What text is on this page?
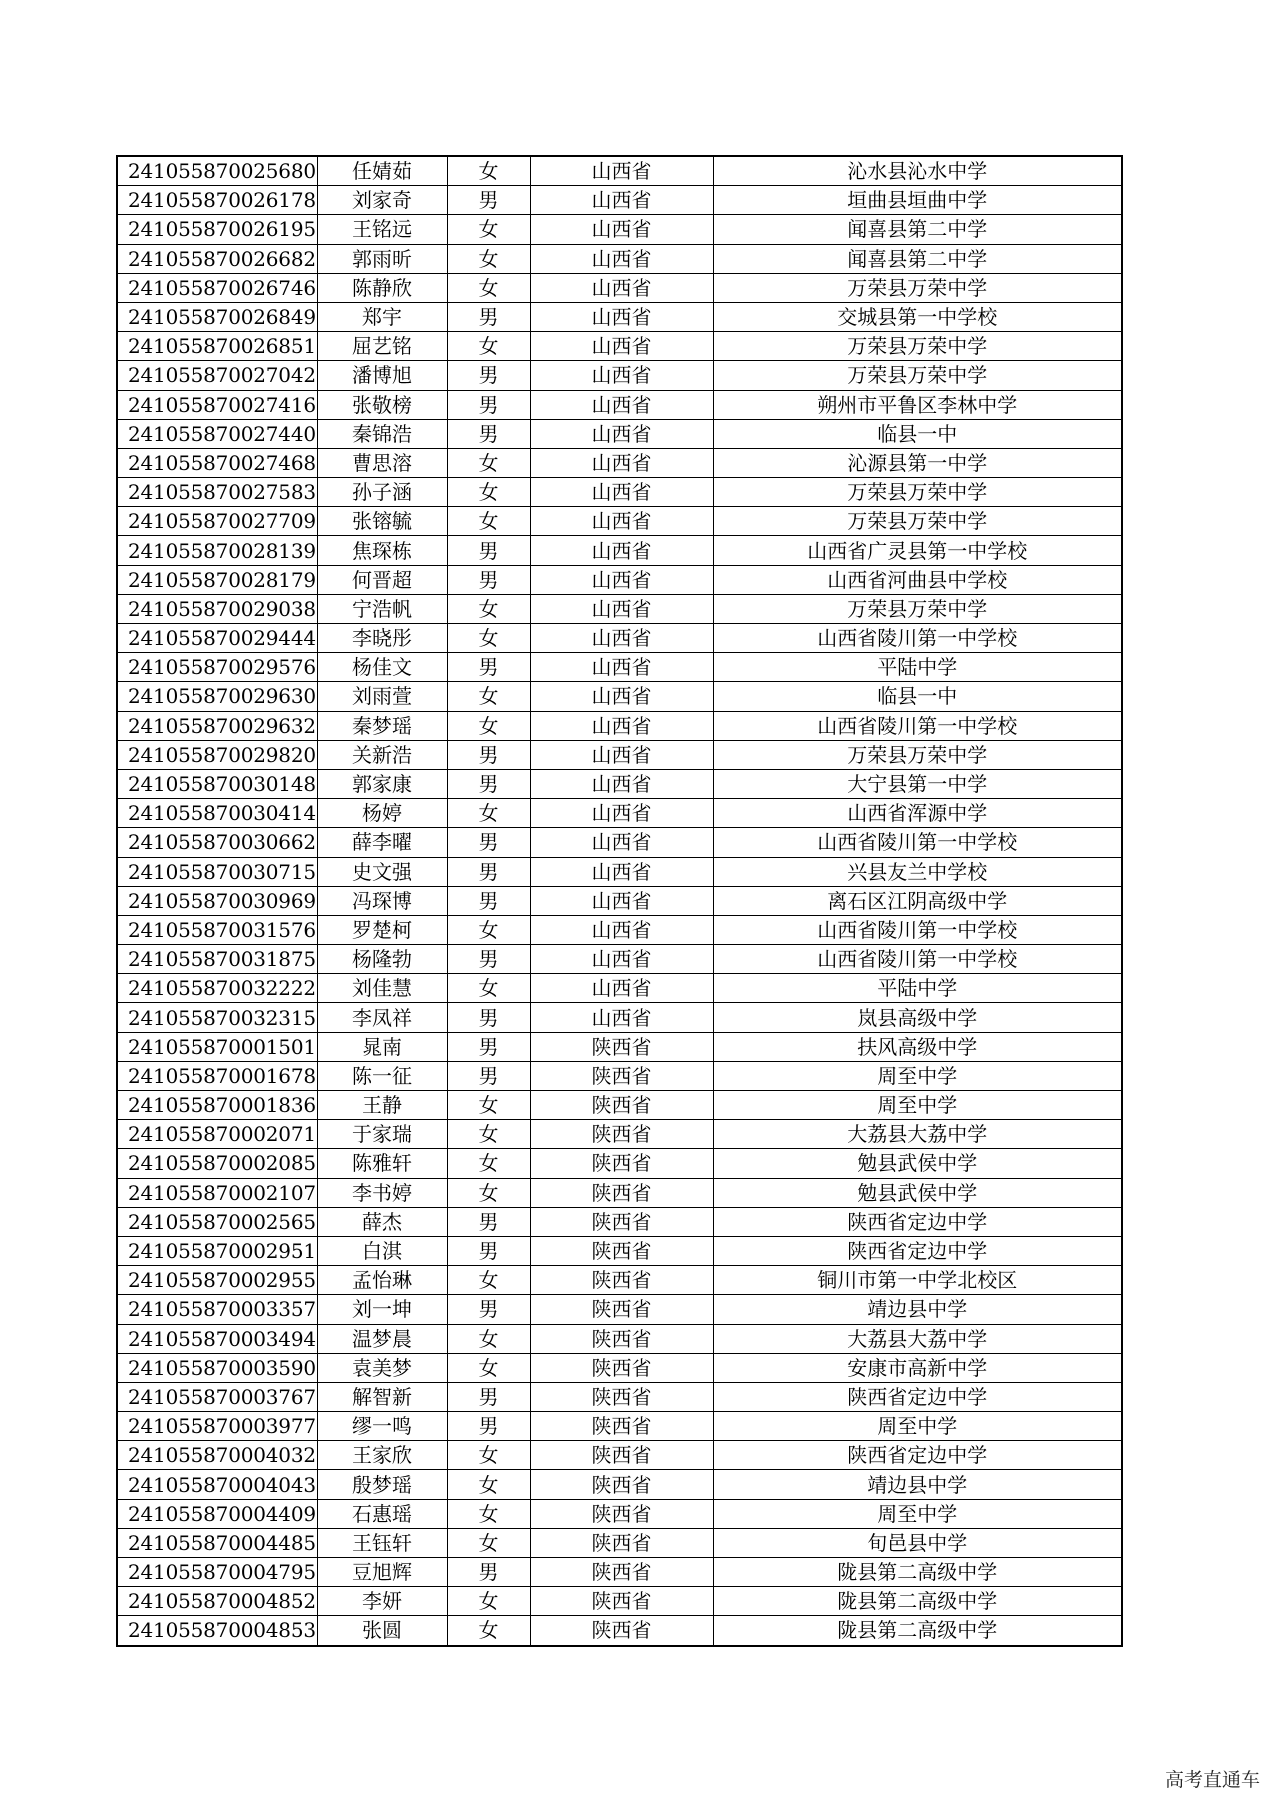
241055870025680	任婧茹	女	山西省	沁水县沁水中学
241055870026178	刘家奇	男	山西省	垣曲县垣曲中学
241055870026195	王铭远	女	山西省	闻喜县第二中学
241055870026682	郭雨昕	女	山西省	闻喜县第二中学
241055870026746	陈静欣	女	山西省	万荣县万荣中学
241055870026849	郑宇	男	山西省	交城县第一中学校
241055870026851	屈艺铭	女	山西省	万荣县万荣中学
241055870027042	潘博旭	男	山西省	万荣县万荣中学
241055870027416	张敬榜	男	山西省	朔州市平鲁区李林中学
241055870027440	秦锦浩	男	山西省	临县一中
241055870027468	曹思溶	女	山西省	沁源县第一中学
241055870027583	孙子涵	女	山西省	万荣县万荣中学
241055870027709	张镕毓	女	山西省	万荣县万荣中学
241055870028139	焦琛栋	男	山西省	山西省广灵县第一中学校
241055870028179	何晋超	男	山西省	山西省河曲县中学校
241055870029038	宁浩帆	女	山西省	万荣县万荣中学
241055870029444	李晓彤	女	山西省	山西省陵川第一中学校
241055870029576	杨佳文	男	山西省	平陆中学
241055870029630	刘雨萱	女	山西省	临县一中
241055870029632	秦梦瑶	女	山西省	山西省陵川第一中学校
241055870029820	关新浩	男	山西省	万荣县万荣中学
241055870030148	郭家康	男	山西省	大宁县第一中学
241055870030414	杨婷	女	山西省	山西省浑源中学
241055870030662	薛李曜	男	山西省	山西省陵川第一中学校
241055870030715	史文强	男	山西省	兴县友兰中学校
241055870030969	冯琛博	男	山西省	离石区江阴高级中学
241055870031576	罗楚柯	女	山西省	山西省陵川第一中学校
241055870031875	杨隆勃	男	山西省	山西省陵川第一中学校
241055870032222	刘佳慧	女	山西省	平陆中学
241055870032315	李凤祥	男	山西省	岚县高级中学
241055870001501	晁南	男	陕西省	扶风高级中学
241055870001678	陈一征	男	陕西省	周至中学
241055870001836	王静	女	陕西省	周至中学
241055870002071	于家瑞	女	陕西省	大荔县大荔中学
241055870002085	陈雅轩	女	陕西省	勉县武侯中学
241055870002107	李书婷	女	陕西省	勉县武侯中学
241055870002565	薛杰	男	陕西省	陕西省定边中学
241055870002951	白淇	男	陕西省	陕西省定边中学
241055870002955	孟怡琳	女	陕西省	铜川市第一中学北校区
241055870003357	刘一坤	男	陕西省	靖边县中学
241055870003494	温梦晨	女	陕西省	大荔县大荔中学
241055870003590	袁美梦	女	陕西省	安康市高新中学
241055870003767	解智新	男	陕西省	陕西省定边中学
241055870003977	缪一鸣	男	陕西省	周至中学
241055870004032	王家欣	女	陕西省	陕西省定边中学
241055870004043	殷梦瑶	女	陕西省	靖边县中学
241055870004409	石惠瑶	女	陕西省	周至中学
241055870004485	王钰轩	女	陕西省	旬邑县中学
241055870004795	豆旭辉	男	陕西省	陇县第二高级中学
241055870004852	李妍	女	陕西省	陇县第二高级中学
241055870004853	张圆	女	陕西省	陇县第二高级中学
高考直通车
